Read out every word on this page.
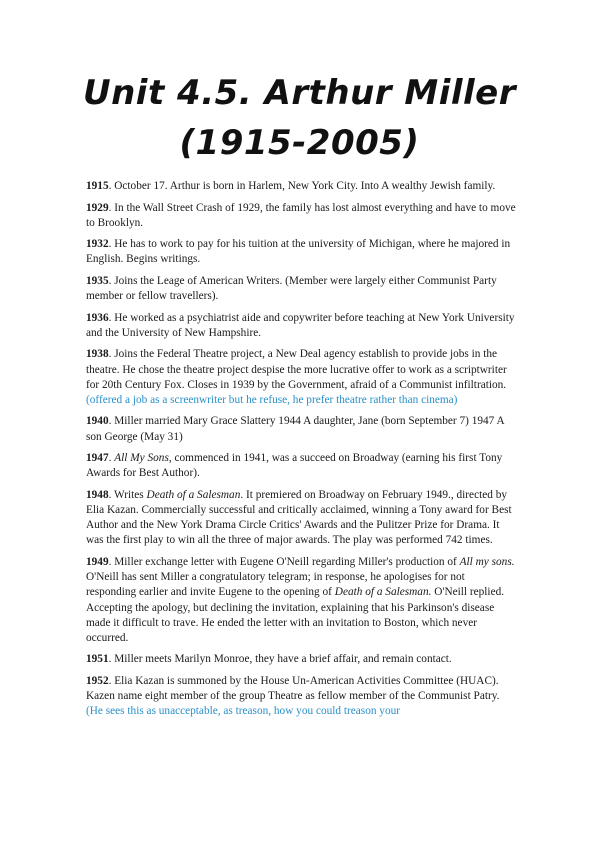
Unit 4.5. Arthur Miller (1915-2005)

1915. October 17. Arthur is born in Harlem, New York City. Into A wealthy Jewish family.

1929. In the Wall Street Crash of 1929, the family has lost almost everything and have to move to Brooklyn.

1932. He has to work to pay for his tuition at the university of Michigan, where he majored in English. Begins writings.

1935. Joins the Leage of American Writers. (Member were largely either Communist Party member or fellow travellers).

1936. He worked as a psychiatrist aide and copywriter before teaching at New York University and the University of New Hampshire.

1938. Joins the Federal Theatre project, a New Deal agency establish to provide jobs in the theatre. He chose the theatre project despise the more lucrative offer to work as a scriptwriter for 20th Century Fox. Closes in 1939 by the Government, afraid of a Communist infiltration. (offered a job as a screenwriter but he refuse, he prefer theatre rather than cinema)

1940. Miller married Mary Grace Slattery 1944 A daughter, Jane (born September 7) 1947 A son George (May 31)

1947. All My Sons, commenced in 1941, was a succeed on Broadway (earning his first Tony Awards for Best Author).

1948. Writes Death of a Salesman. It premiered on Broadway on February 1949., directed by Elia Kazan. Commercially successful and critically acclaimed, winning a Tony award for Best Author and the New York Drama Circle Critics' Awards and the Pulitzer Prize for Drama. It was the first play to win all the three of major awards. The play was performed 742 times.

1949. Miller exchange letter with Eugene O'Neill regarding Miller's production of All my sons. O'Neill has sent Miller a congratulatory telegram; in response, he apologises for not responding earlier and invite Eugene to the opening of Death of a Salesman. O'Neill replied. Accepting the apology, but declining the invitation, explaining that his Parkinson's disease made it difficult to trave. He ended the letter with an invitation to Boston, which never occurred.

1951. Miller meets Marilyn Monroe, they have a brief affair, and remain contact.

1952. Elia Kazan is summoned by the House Un-American Activities Committee (HUAC). Kazen name eight member of the group Theatre as fellow member of the Communist Patry. (He sees this as unacceptable, as treason, how you could treason your
